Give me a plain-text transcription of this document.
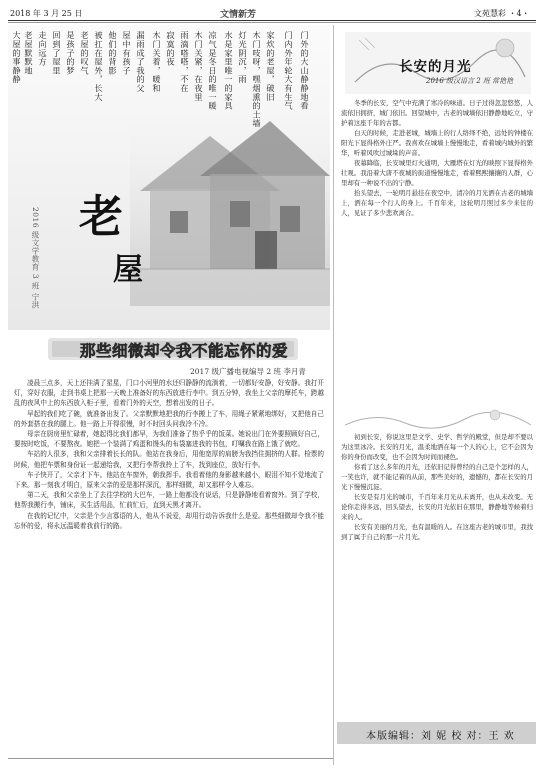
2018 年 3 月 25 日	文情新芳	文苑慧彩 ・4・
门外的大山静静地看
门内外年轮大有生气
家炊的老屋，破旧
木门吱呀，嘿烟熏的土墙
灯光阴沉，雨
水是家里唯一的家具
凉气是冬日的唯一暖
木门关紧，在夜里
雨滴嗒嗒，不在
寂寞的夜
木门关着，暖和
漏雨成了我的父
屋中有孩子
他们的背影
被扛在屋外，长大
老屋的叹气
是孩子的梦
回到了屋里
走向远方
老屋默默地
大屋的事静静
老
屋
2016 级文学教育 3 班 宁洪
那些细微却令我不能忘怀的爱
2017 级广播电视编导 2 班 李月青

凌晨三点多，天上还挂满了星星，门口小河里的水还归静静的流淌着，一切都好安静，好安静。我打开灯，穿好衣服，走到书桌上把那一天晚上准备好的东西放进行李中。到五分钟，我坐上父亲的摩托车，跨越乱的夜风中上的东西放入柜子里，看着门外的天空，想着出发的日子。

早起的我们吃了碗，就准备出发了。父亲默默地把我的行李搬上了车，用绳子紧紧地绑好，又把他自己的外套搭在我的腿上。他一路上开得很慢，时不时回头问我冷不冷。

母亲在厨房里忙碌着，她起得比我们都早，为我们准备了热乎乎的饭菜。她说出门在外要照顾好自己，要按时吃饭，不要熬夜。她把一个装满了鸡蛋和馒头的布袋塞进我的书包，叮嘱我在路上饿了就吃。

车站的人很多，我和父亲排着长长的队。他站在我身后，用他宽厚的肩膀为我挡住拥挤的人群。检票的时候，他把车票和身份证一起递给我，又把行李帮我拎上了车，找到座位，放好行李。

车子快开了，父亲才下车。他站在车窗外，朝我挥手。我看着他的身影越来越小，眼泪不知不觉地流了下来。那一刻我才明白，原来父亲的爱是那样深沉，那样细微，却又那样令人难忘。

第二天，我和父亲坐上了去往学校的大巴车，一路上他都没有说话，只是静静地看着窗外。到了学校，他帮我搬行李，铺床，买生活用品，忙前忙后，直到天黑才离开。

在我的记忆中，父亲是个少言寡语的人，他从不说爱，却用行动告诉我什么是爱。那些细微却令我不能忘怀的爱，将永远温暖着我前行的路。

长安的月光
2016 级汉语言 2 班 常艳艳

冬季的长安，空气中充满了寒冷的味道。日子过得忽忽悠悠，人流依旧拥挤，城门依旧。回望城中，古老的城墙依旧静静地屹立，守护着这座千年的古都。

白天的时候，走进老城，城墙上的行人络绎不绝，远处的钟楼在阳光下显得格外庄严。我喜欢在城墙上慢慢地走，看着城内城外的繁华，听着风吹过城垛的声音。

夜幕降临，长安城里灯火通明，大雁塔在灯光的映照下显得格外壮观。我沿着大唐不夜城的街道慢慢地走，看着熙熙攘攘的人群，心里却有一种说不出的宁静。

抬头望去，一轮明月悬挂在夜空中，清冷的月光洒在古老的城墙上，洒在每一个行人的身上。千百年来，这轮明月照过多少来往的人，见证了多少悲欢离合。

初到长安，你说这里是文学、史学、哲学的殿堂，但是却不要以为这里冰冷。长安的月光，温柔地洒在每一个人的心上，它不会因为你的身份而改变，也不会因为时间而褪色。

你看了这么多年的月光，还依旧记得曾经的自己是个怎样的人，一笑也许，就不能记着的从前，那些美好的，遗憾的，都在长安的月光下慢慢沉淀。

长安是有月光的城市，千百年来月光从未离开，也从未改变。无论你走得多远，回头望去，长安的月光依旧在那里，静静地等候着归来的人。

长安有美丽的月光，也有温暖的人。在这座古老的城市里，我找到了属于自己的那一片月光。

本版编辑：刘 妮 校 对：王 欢
